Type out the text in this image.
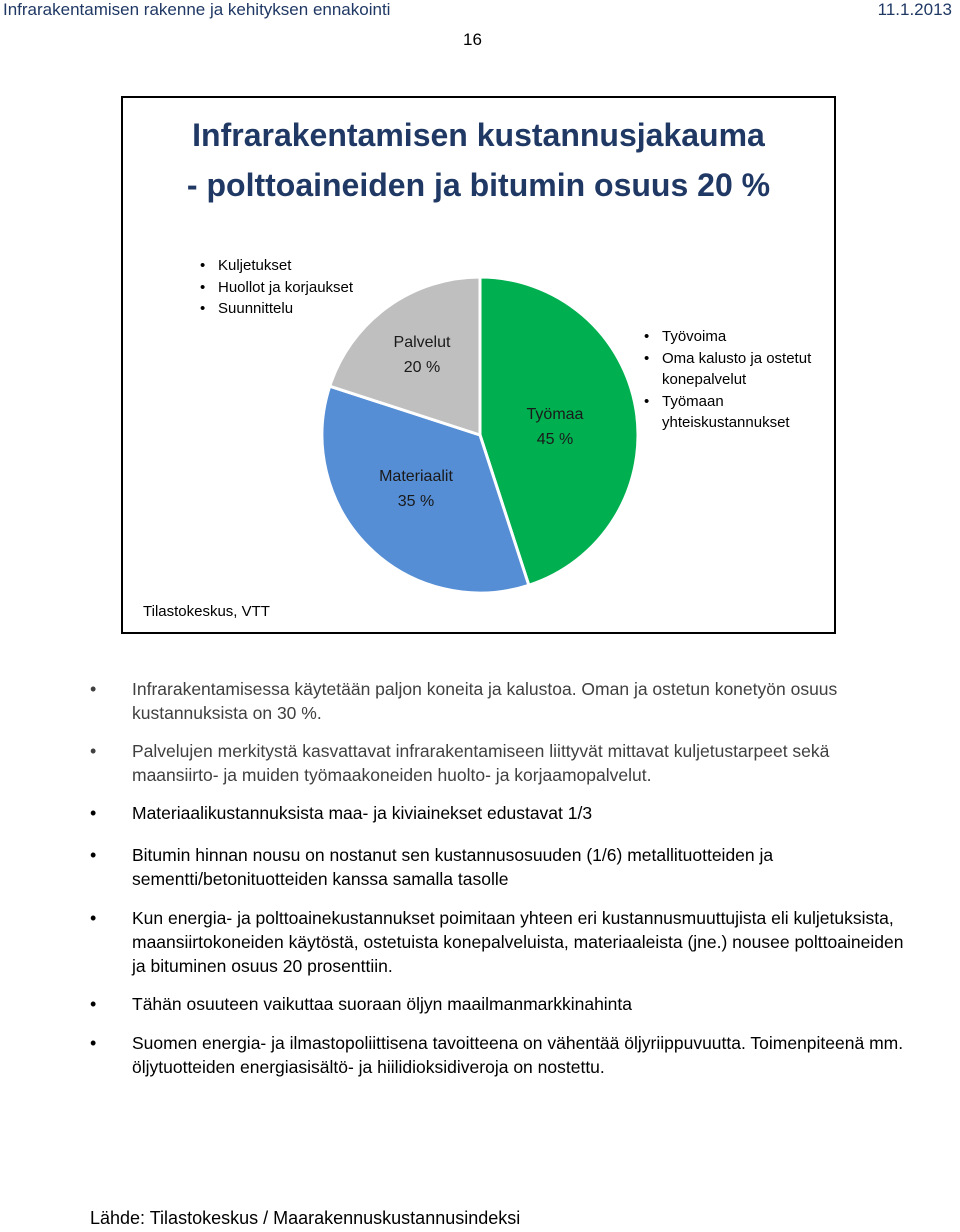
Infrarakentamisen rakenne ja kehityksen ennakointi	11.1.2013
16
Infrarakentamisen kustannusjakauma
- polttoaineiden ja bitumin osuus 20 %
Työmaa
45 %
Materiaalit
35 %
Palvelut
20 %
• Kuljetukset
• Huollot ja korjaukset
• Suunnittelu
• Työvoima
• Oma kalusto ja ostetut konepalvelut
• Työmaan yhteiskustannukset
Tilastokeskus, VTT
• Infrarakentamisessa käytetään paljon koneita ja kalustoa. Oman ja ostetun konetyön osuus kustannuksista on 30 %.
• Palvelujen merkitystä kasvattavat infrarakentamiseen liittyvät mittavat kuljetustarpeet sekä maansiirto- ja muiden työmaakoneiden huolto- ja korjaamopalvelut.
• Materiaalikustannuksista maa- ja kiviainekset edustavat 1/3
• Bitumin hinnan nousu on nostanut sen kustannusosuuden (1/6) metallituotteiden ja sementti/betonituotteiden kanssa samalla tasolle
• Kun energia- ja polttoainekustannukset poimitaan yhteen eri kustannusmuuttujista eli kuljetuksista, maansiirtokoneiden käytöstä, ostetuista konepalveluista, materiaaleista (jne.) nousee polttoaineiden ja bituminen osuus 20 prosenttiin.
• Tähän osuuteen vaikuttaa suoraan öljyn maailmanmarkkinahinta
• Suomen energia- ja ilmastopoliittisena tavoitteena on vähentää öljyriippuvuutta. Toimenpiteenä mm. öljytuotteiden energiasisältö- ja hiilidioksidiveroja on nostettu.
Lähde: Tilastokeskus / Maarakennuskustannusindeksi
